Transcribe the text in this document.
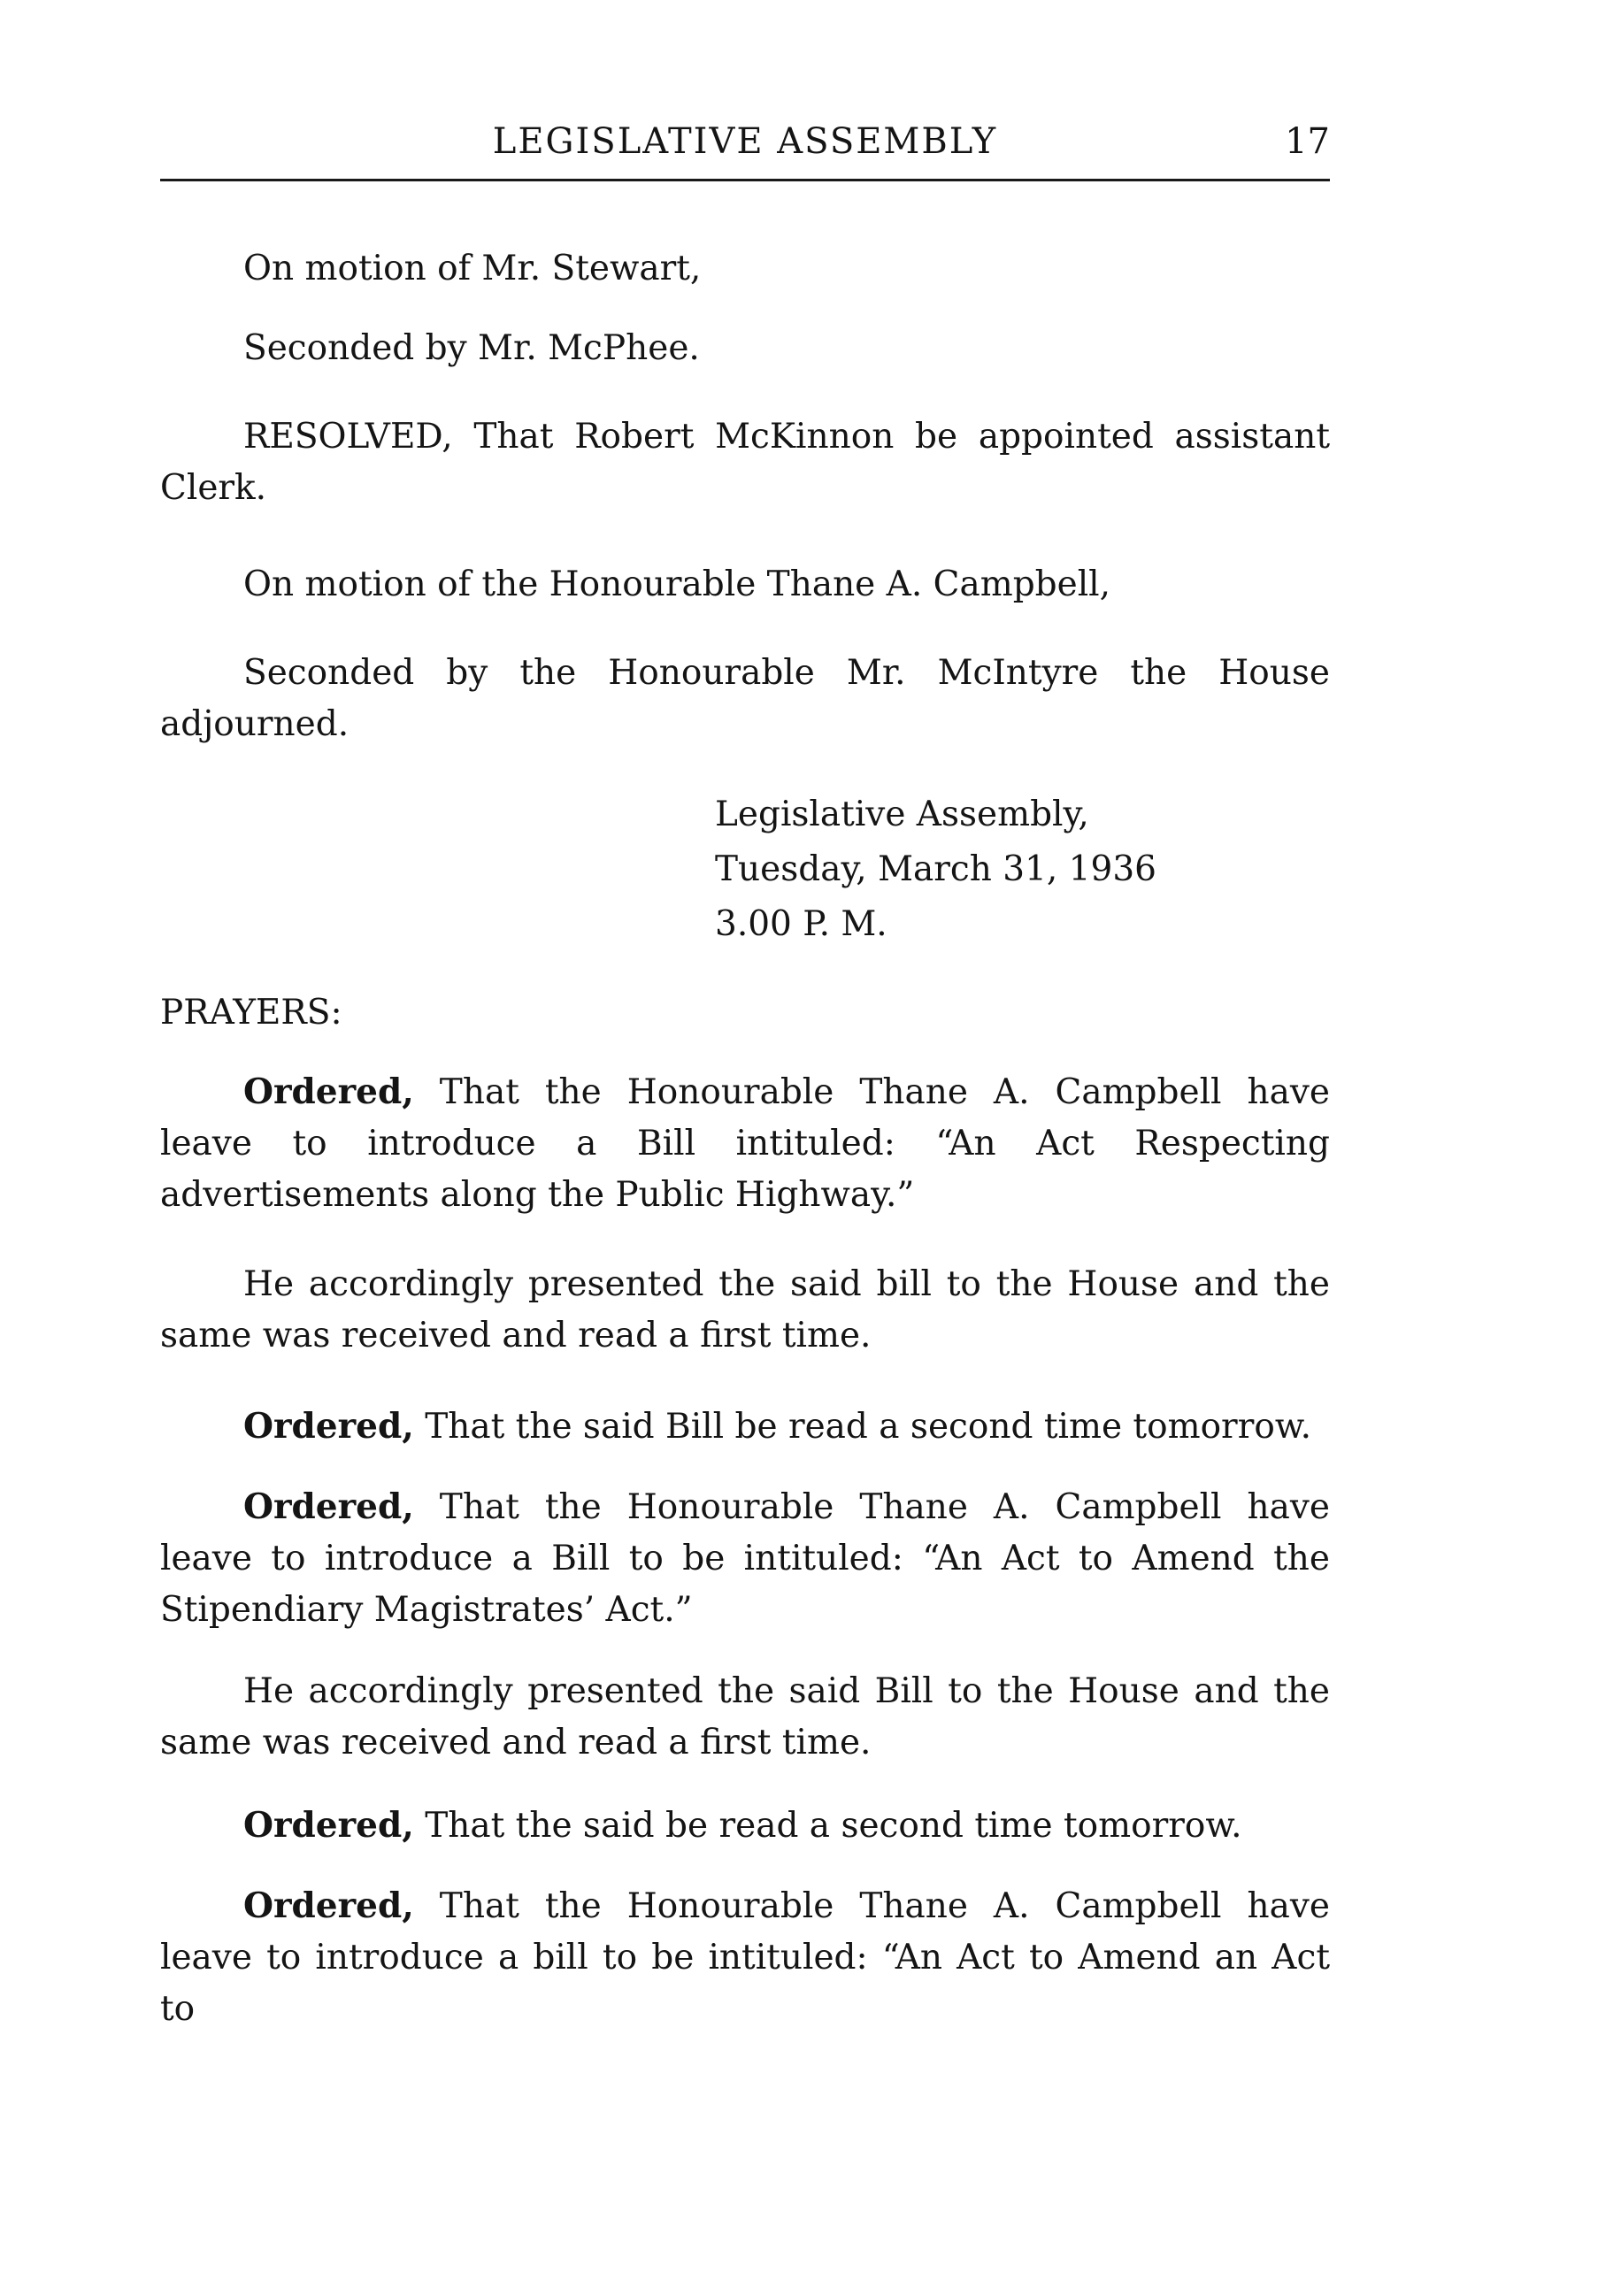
LEGISLATIVE ASSEMBLY	17
On motion of Mr. Stewart,
Seconded by Mr. McPhee.

RESOLVED, That Robert McKinnon be appointed assistant Clerk.

On motion of the Honourable Thane A. Campbell,

Seconded by the Honourable Mr. McIntyre the House adjourned.

Legislative Assembly,
Tuesday, March 31, 1936
3.00 P. M.
PRAYERS:

Ordered, That the Honourable Thane A. Campbell have leave to introduce a Bill intituled: “An Act Respecting advertisements along the Public Highway.”

He accordingly presented the said bill to the House and the same was received and read a first time.

Ordered, That the said Bill be read a second time tomorrow.

Ordered, That the Honourable Thane A. Campbell have leave to introduce a Bill to be intituled: “An Act to Amend the Stipendiary Magistrates’ Act.”

He accordingly presented the said Bill to the House and the same was received and read a first time.

Ordered, That the said be read a second time tomorrow.

Ordered, That the Honourable Thane A. Campbell have leave to introduce a bill to be intituled: “An Act to Amend an Act to
